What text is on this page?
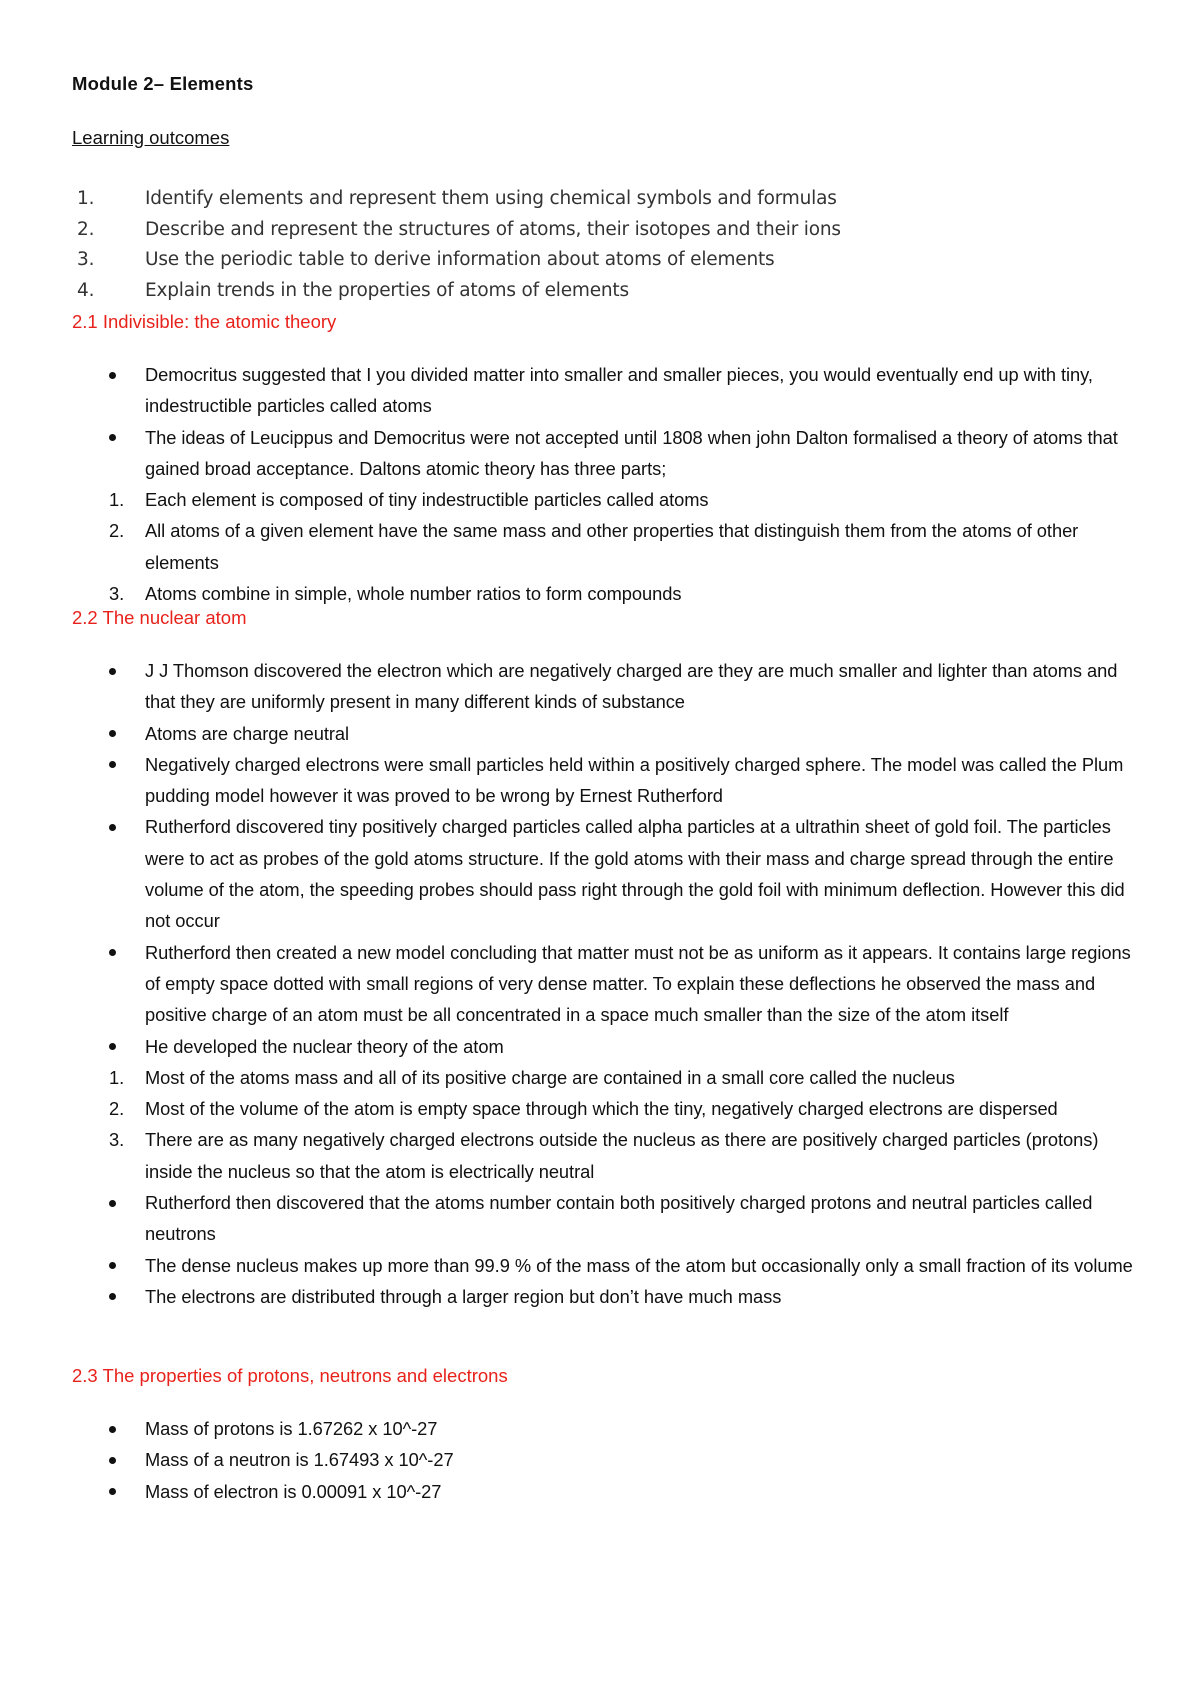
Module 2– Elements
Learning outcomes
1.	Identify elements and represent them using chemical symbols and formulas
2.	Describe and represent the structures of atoms, their isotopes and their ions
3.	Use the periodic table to derive information about atoms of elements
4.	Explain trends in the properties of atoms of elements
2.1 Indivisible: the atomic theory
Democritus suggested that I you divided matter into smaller and smaller pieces, you would eventually end up with tiny, indestructible particles called atoms
The ideas of Leucippus and Democritus were not accepted until 1808 when john Dalton formalised a theory of atoms that gained broad acceptance. Daltons atomic theory has three parts;
1. Each element is composed of tiny indestructible particles called atoms
2. All atoms of a given element have the same mass and other properties that distinguish them from the atoms of other elements
3. Atoms combine in simple, whole number ratios to form compounds
2.2 The nuclear atom
J J Thomson discovered the electron which are negatively charged are they are much smaller and lighter than atoms and that they are uniformly present in many different kinds of substance
Atoms are charge neutral
Negatively charged electrons were small particles held within a positively charged sphere. The model was called the Plum pudding model however it was proved to be wrong by Ernest Rutherford
Rutherford discovered tiny positively charged particles called alpha particles at a ultrathin sheet of gold foil. The particles were to act as probes of the gold atoms structure. If the gold atoms with their mass and charge spread through the entire volume of the atom, the speeding probes should pass right through the gold foil with minimum deflection. However this did not occur
Rutherford then created a new model concluding that matter must not be as uniform as it appears. It contains large regions of empty space dotted with small regions of very dense matter. To explain these deflections he observed the mass and positive charge of an atom must be all concentrated in a space much smaller than the size of the atom itself
He developed the nuclear theory of the atom
1. Most of the atoms mass and all of its positive charge are contained in a small core called the nucleus
2. Most of the volume of the atom is empty space through which the tiny, negatively charged electrons are dispersed
3. There are as many negatively charged electrons outside the nucleus as there are positively charged particles (protons) inside the nucleus so that the atom is electrically neutral
Rutherford then discovered that the atoms number contain both positively charged protons and neutral particles called neutrons
The dense nucleus makes up more than 99.9 % of the mass of the atom but occasionally only a small fraction of its volume
The electrons are distributed through a larger region but don’t have much mass
2.3 The properties of protons, neutrons and electrons
Mass of protons is 1.67262 x 10^-27
Mass of a neutron is 1.67493 x 10^-27
Mass of electron is 0.00091 x 10^-27
